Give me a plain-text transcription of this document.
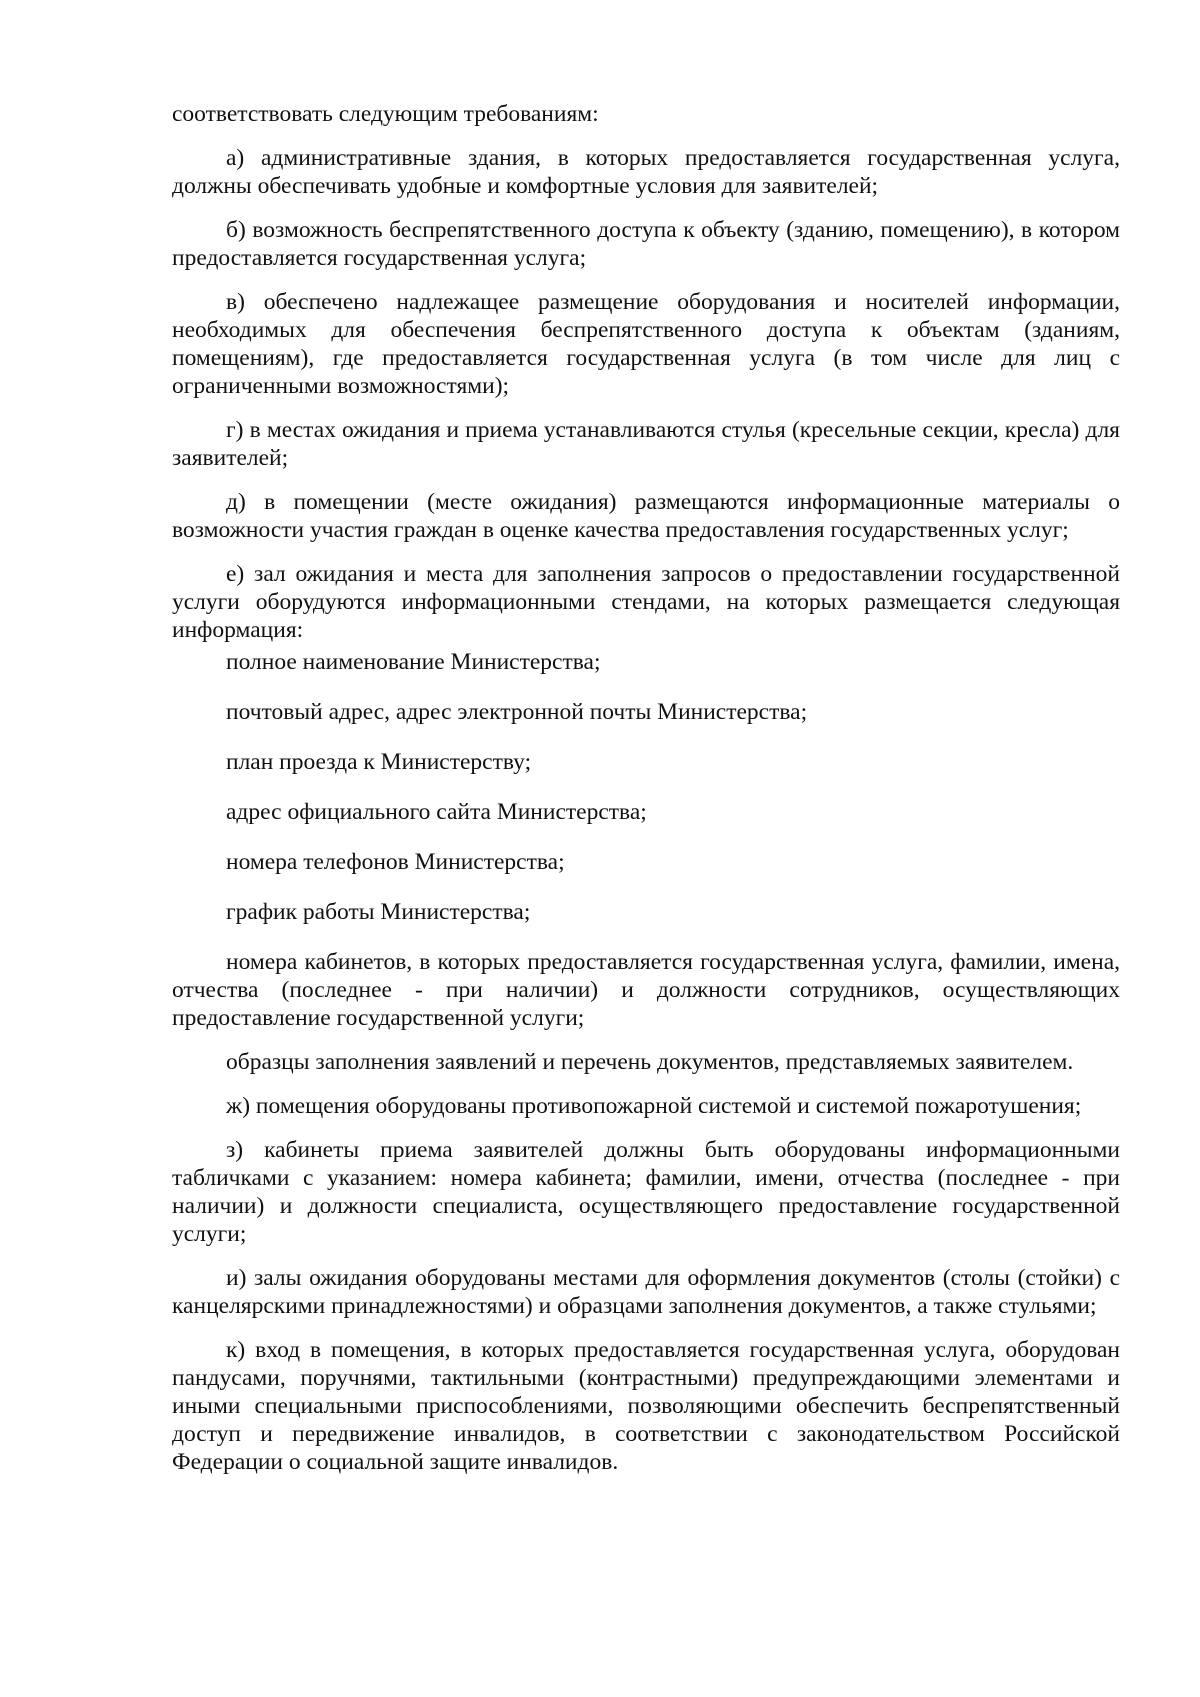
соответствовать следующим требованиям:

а) административные здания, в которых предоставляется государственная услуга, должны обеспечивать удобные и комфортные условия для заявителей;

б) возможность беспрепятственного доступа к объекту (зданию, помещению), в котором предоставляется государственная услуга;

в) обеспечено надлежащее размещение оборудования и носителей информации, необходимых для обеспечения беспрепятственного доступа к объектам (зданиям, помещениям), где предоставляется государственная услуга (в том числе для лиц с ограниченными возможностями);

г) в местах ожидания и приема устанавливаются стулья (кресельные секции, кресла) для заявителей;

д) в помещении (месте ожидания) размещаются информационные материалы о возможности участия граждан в оценке качества предоставления государственных услуг;

е) зал ожидания и места для заполнения запросов о предоставлении государственной услуги оборудуются информационными стендами, на которых размещается следующая информация:

полное наименование Министерства;

почтовый адрес, адрес электронной почты Министерства;

план проезда к Министерству;

адрес официального сайта Министерства;

номера телефонов Министерства;

график работы Министерства;

номера кабинетов, в которых предоставляется государственная услуга, фамилии, имена, отчества (последнее - при наличии) и должности сотрудников, осуществляющих предоставление государственной услуги;

образцы заполнения заявлений и перечень документов, представляемых заявителем.

ж) помещения оборудованы противопожарной системой и системой пожаротушения;

з) кабинеты приема заявителей должны быть оборудованы информационными табличками с указанием: номера кабинета; фамилии, имени, отчества (последнее - при наличии) и должности специалиста, осуществляющего предоставление государственной услуги;

и) залы ожидания оборудованы местами для оформления документов (столы (стойки) с канцелярскими принадлежностями) и образцами заполнения документов, а также стульями;

к) вход в помещения, в которых предоставляется государственная услуга, оборудован пандусами, поручнями, тактильными (контрастными) предупреждающими элементами и иными специальными приспособлениями, позволяющими обеспечить беспрепятственный доступ и передвижение инвалидов, в соответствии с законодательством Российской Федерации о социальной защите инвалидов.
